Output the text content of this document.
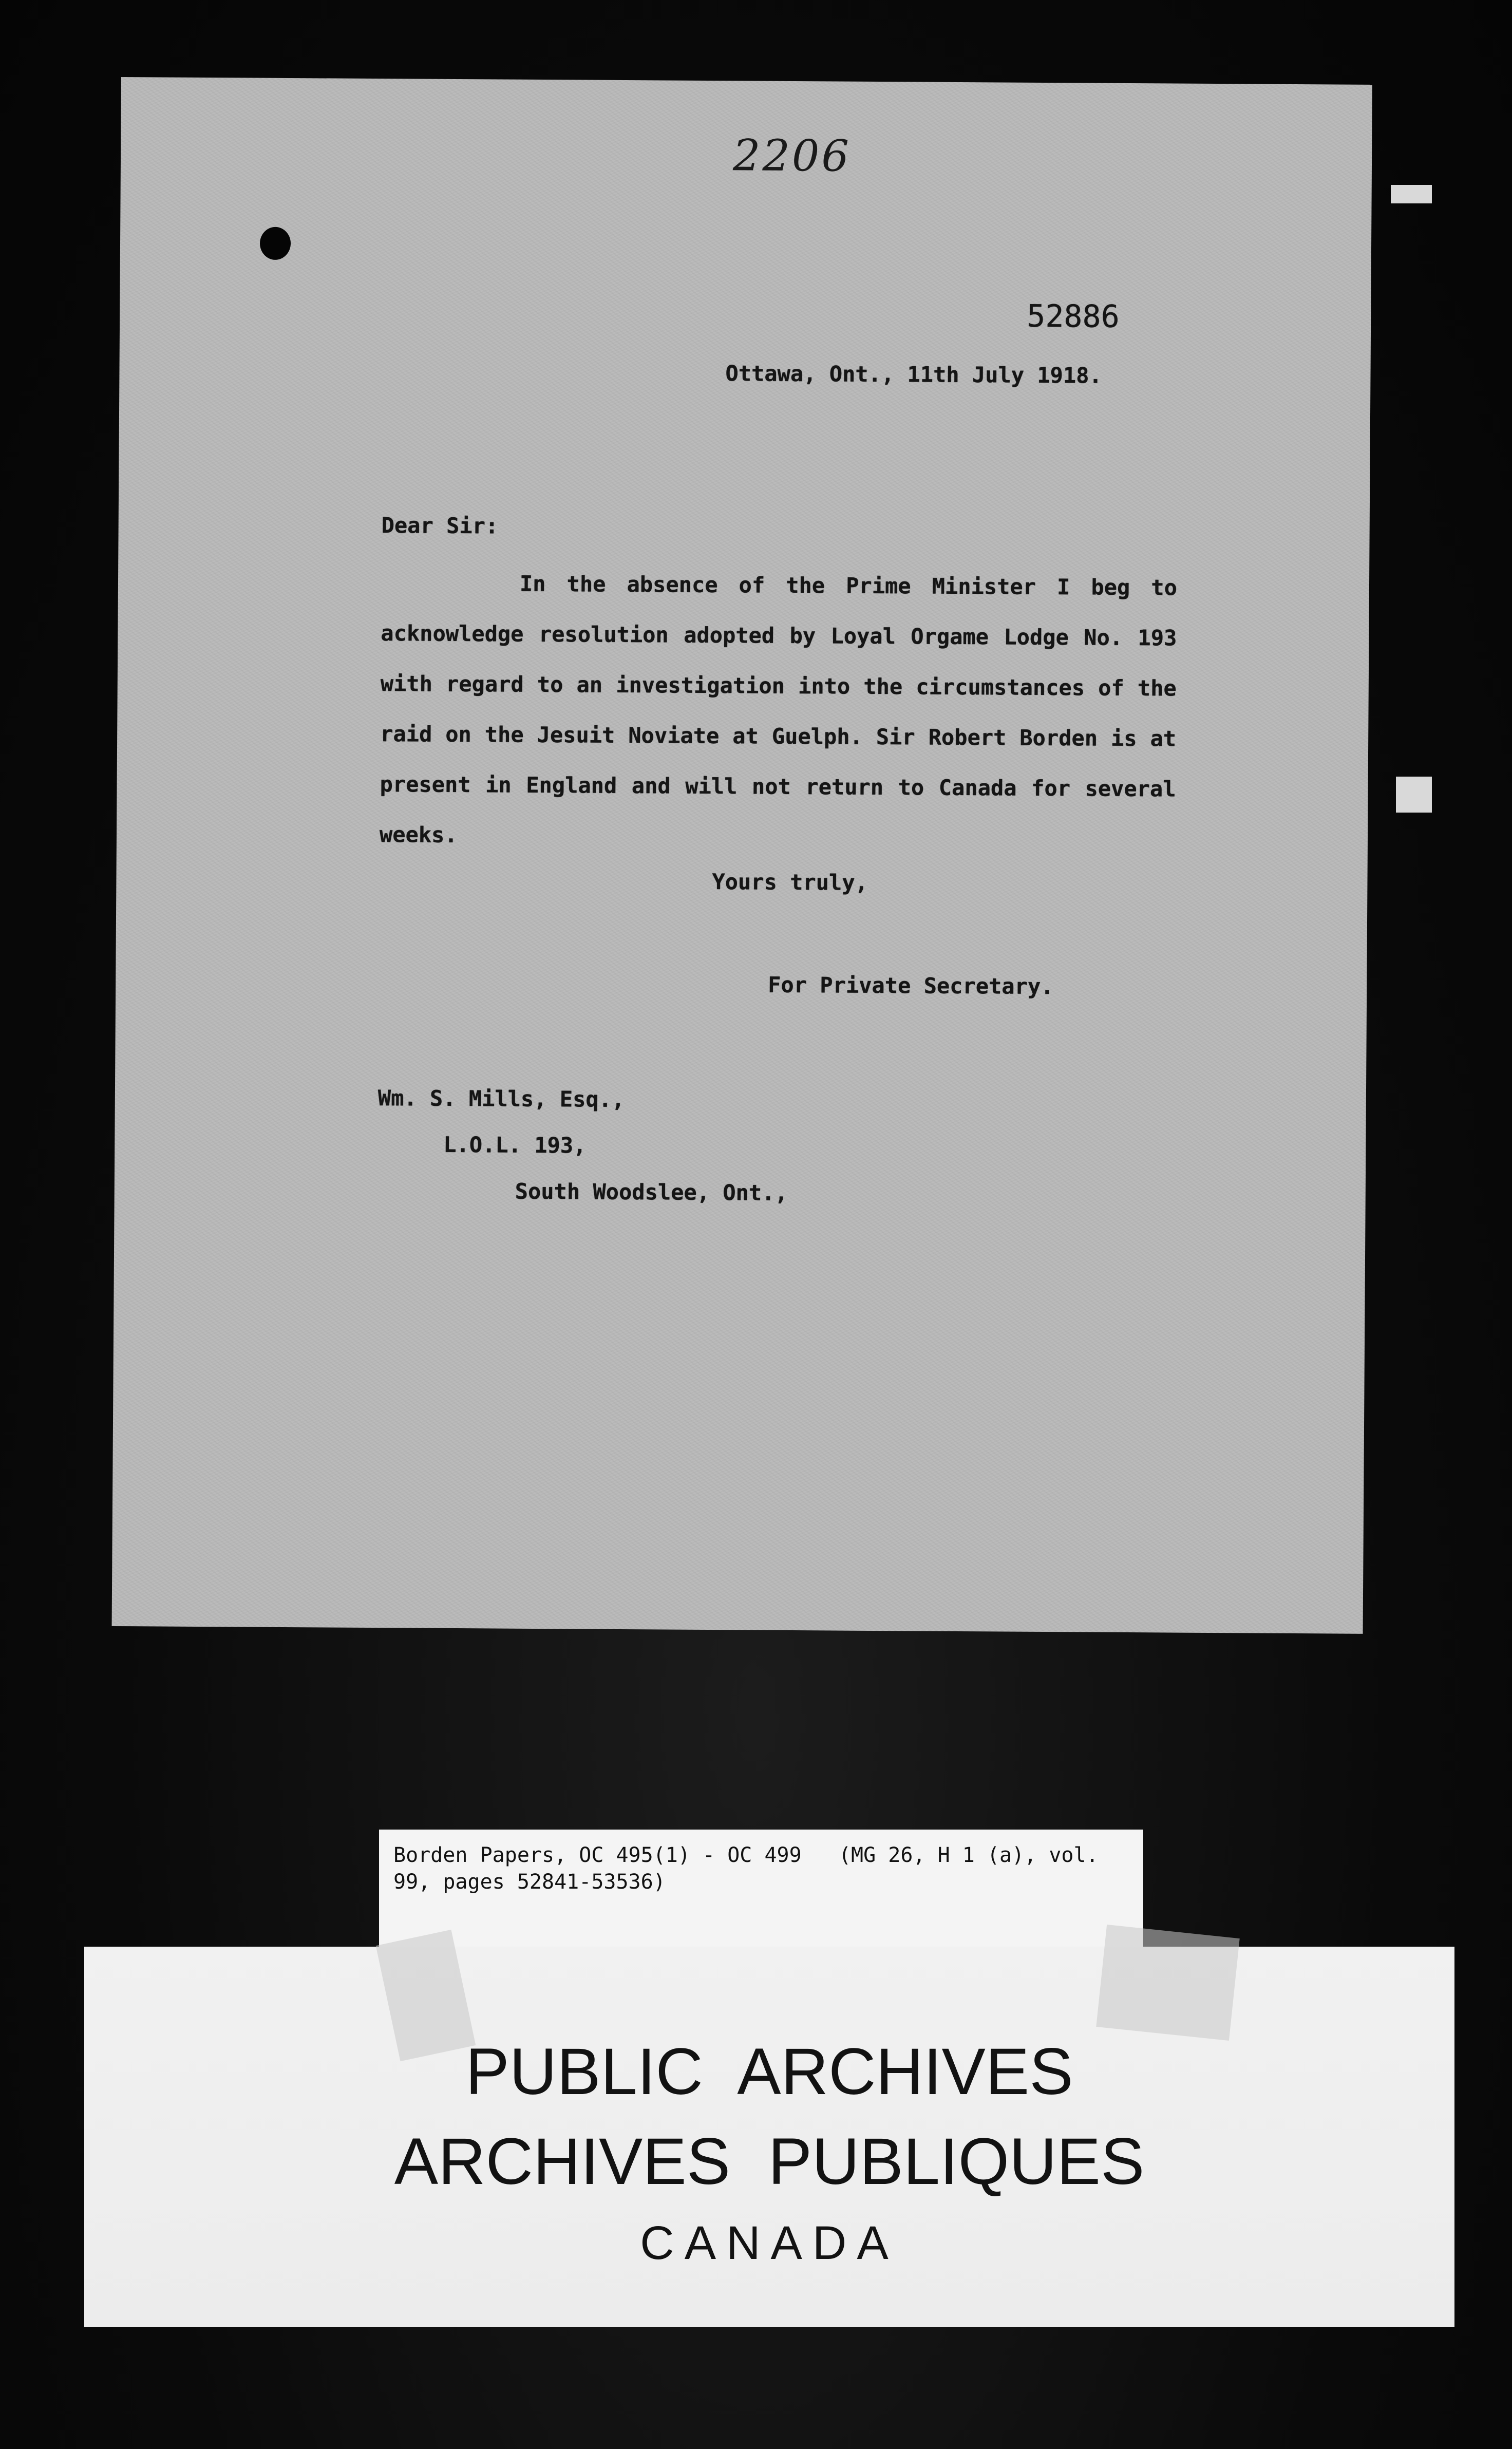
2206
52886
Ottawa, Ont., 11th July 1918.
Dear Sir:
In the absence of the Prime Minister I beg to acknowledge resolution adopted by Loyal Orgame Lodge No. 193 with regard to an investigation into the circumstances of the raid on the Jesuit Noviate at Guelph. Sir Robert Borden is at present in England and will not return to Canada for several weeks.
Yours truly,
For Private Secretary.
Wm. S. Mills, Esq.,
L.O.L. 193,
South Woodslee, Ont.,
Borden Papers, OC 495(1) - OC 499   (MG 26, H 1 (a), vol.
99, pages 52841-53536)
PUBLIC ARCHIVES
ARCHIVES PUBLIQUES
CANADA
